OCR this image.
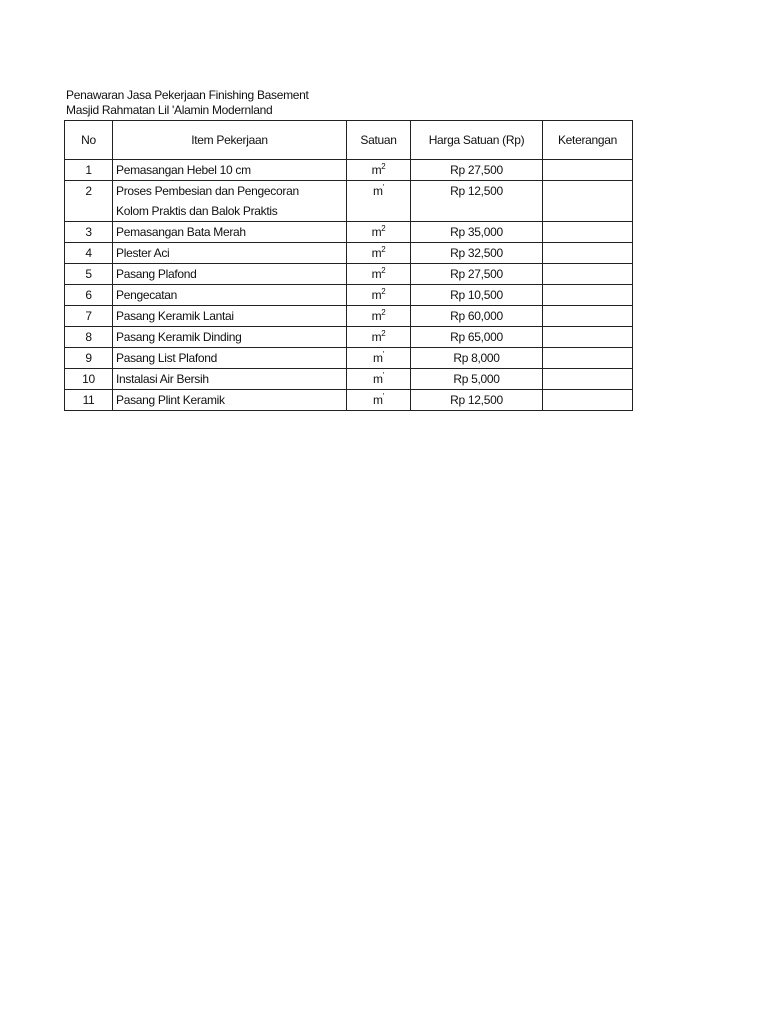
Penawaran Jasa Pekerjaan Finishing Basement
Masjid Rahmatan Lil 'Alamin Modernland
No	Item Pekerjaan	Satuan	Harga Satuan (Rp)	Keterangan
1	Pemasangan Hebel 10 cm	$m^2$	Rp 27,500	
2	Proses Pembesian dan Pengecoran
Kolom Praktis dan Balok Praktis	m'	Rp 12,500	
3	Pemasangan Bata Merah	$m^2$	Rp 35,000	
4	Plester Aci	$m^2$	Rp 32,500	
5	Pasang Plafond	$m^2$	Rp 27,500	
6	Pengecatan	$m^2$	Rp 10,500	
7	Pasang Keramik Lantai	$m^2$	Rp 60,000	
8	Pasang Keramik Dinding	$m^2$	Rp 65,000	
9	Pasang List Plafond	m'	Rp 8,000	
10	Instalasi Air Bersih	m'	Rp 5,000	
11	Pasang Plint Keramik	m'	Rp 12,500	
